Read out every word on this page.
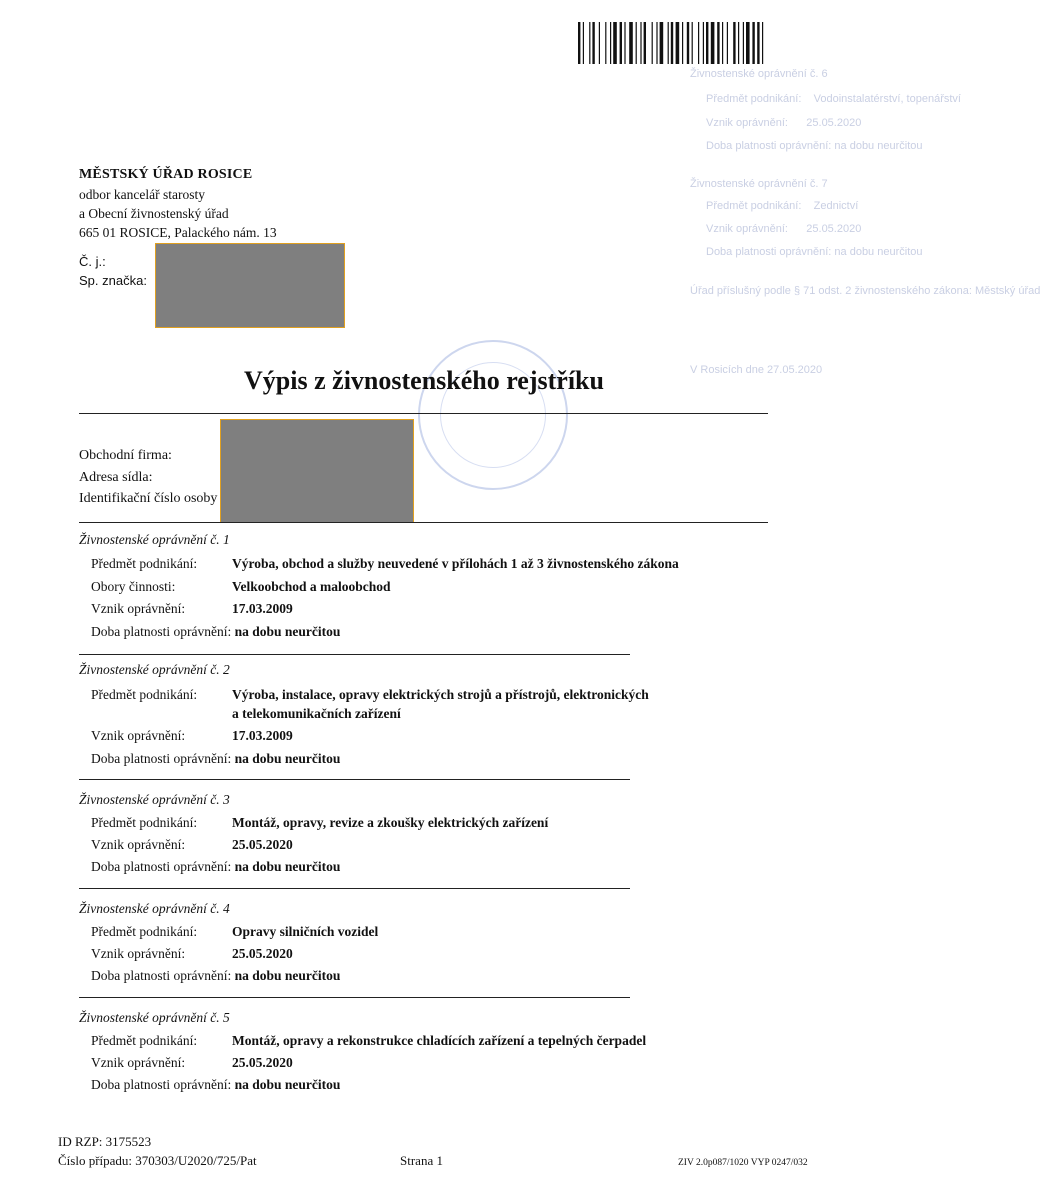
Živnostenské oprávnění č. 6
Předmět podnikání:    Vodoinstalatérství, topenářství
Vznik oprávnění:      25.05.2020
Doba platnosti oprávnění: na dobu neurčitou
Živnostenské oprávnění č. 7
Předmět podnikání:    Zednictví
Vznik oprávnění:      25.05.2020
Doba platnosti oprávnění: na dobu neurčitou
Úřad příslušný podle § 71 odst. 2 živnostenského zákona: Městský úřad
V Rosicích dne 27.05.2020
MĚSTSKÝ ÚŘAD ROSICE
odbor kancelář starosty
a Obecní živnostenský úřad
665 01 ROSICE, Palackého nám. 13
Č. j.:
Sp. značka:
Výpis z živnostenského rejstříku
Obchodní firma:
Adresa sídla:
Identifikační číslo osoby
Živnostenské oprávnění č. 1
Předmět podnikání:	Výroba, obchod a služby neuvedené v přílohách 1 až 3 živnostenského zákona
Obory činnosti:	Velkoobchod a maloobchod
Vznik oprávnění:	17.03.2009
Doba platnosti oprávnění: na dobu neurčitou
Živnostenské oprávnění č. 2
Předmět podnikání:	Výroba, instalace, opravy elektrických strojů a přístrojů, elektronických
a telekomunikačních zařízení
Vznik oprávnění:	17.03.2009
Doba platnosti oprávnění: na dobu neurčitou
Živnostenské oprávnění č. 3
Předmět podnikání:	Montáž, opravy, revize a zkoušky elektrických zařízení
Vznik oprávnění:	25.05.2020
Doba platnosti oprávnění: na dobu neurčitou
Živnostenské oprávnění č. 4
Předmět podnikání:	Opravy silničních vozidel
Vznik oprávnění:	25.05.2020
Doba platnosti oprávnění: na dobu neurčitou
Živnostenské oprávnění č. 5
Předmět podnikání:	Montáž, opravy a rekonstrukce chladících zařízení a tepelných čerpadel
Vznik oprávnění:	25.05.2020
Doba platnosti oprávnění: na dobu neurčitou
ID RZP: 3175523
Číslo případu: 370303/U2020/725/Pat	Strana 1	ZIV 2.0p087/1020 VYP 0247/032
